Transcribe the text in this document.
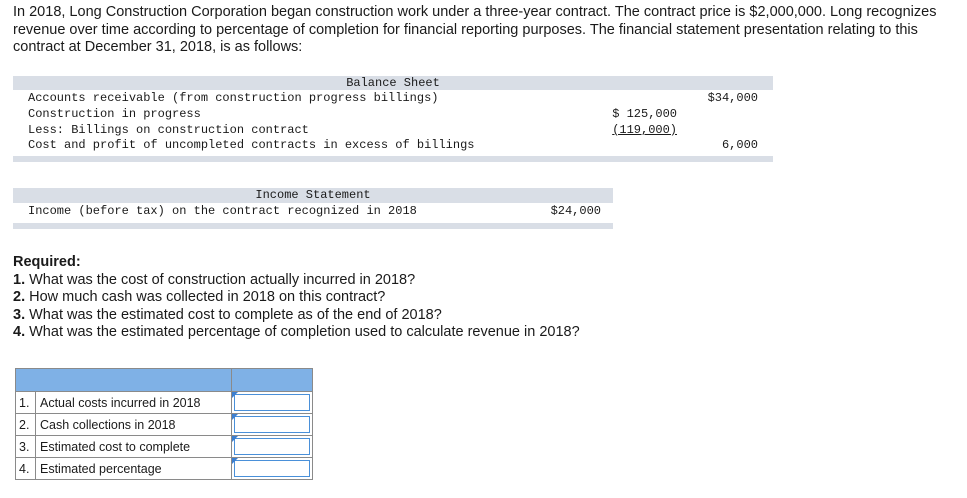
In 2018, Long Construction Corporation began construction work under a three-year contract. The contract price is $2,000,000. Long recognizes revenue over time according to percentage of completion for financial reporting purposes. The financial statement presentation relating to this contract at December 31, 2018, is as follows:
Balance Sheet
Accounts receivable (from construction progress billings)	$34,000
Construction in progress	$ 125,000
Less: Billings on construction contract	(119,000)
Cost and profit of uncompleted contracts in excess of billings	6,000
Income Statement
Income (before tax) on the contract recognized in 2018	$24,000
Required:
1. What was the cost of construction actually incurred in 2018?
2. How much cash was collected in 2018 on this contract?
3. What was the estimated cost to complete as of the end of 2018?
4. What was the estimated percentage of completion used to calculate revenue in 2018?

1.	Actual costs incurred in 2018	

2.	Cash collections in 2018	

3.	Estimated cost to complete	

4.	Estimated percentage	
